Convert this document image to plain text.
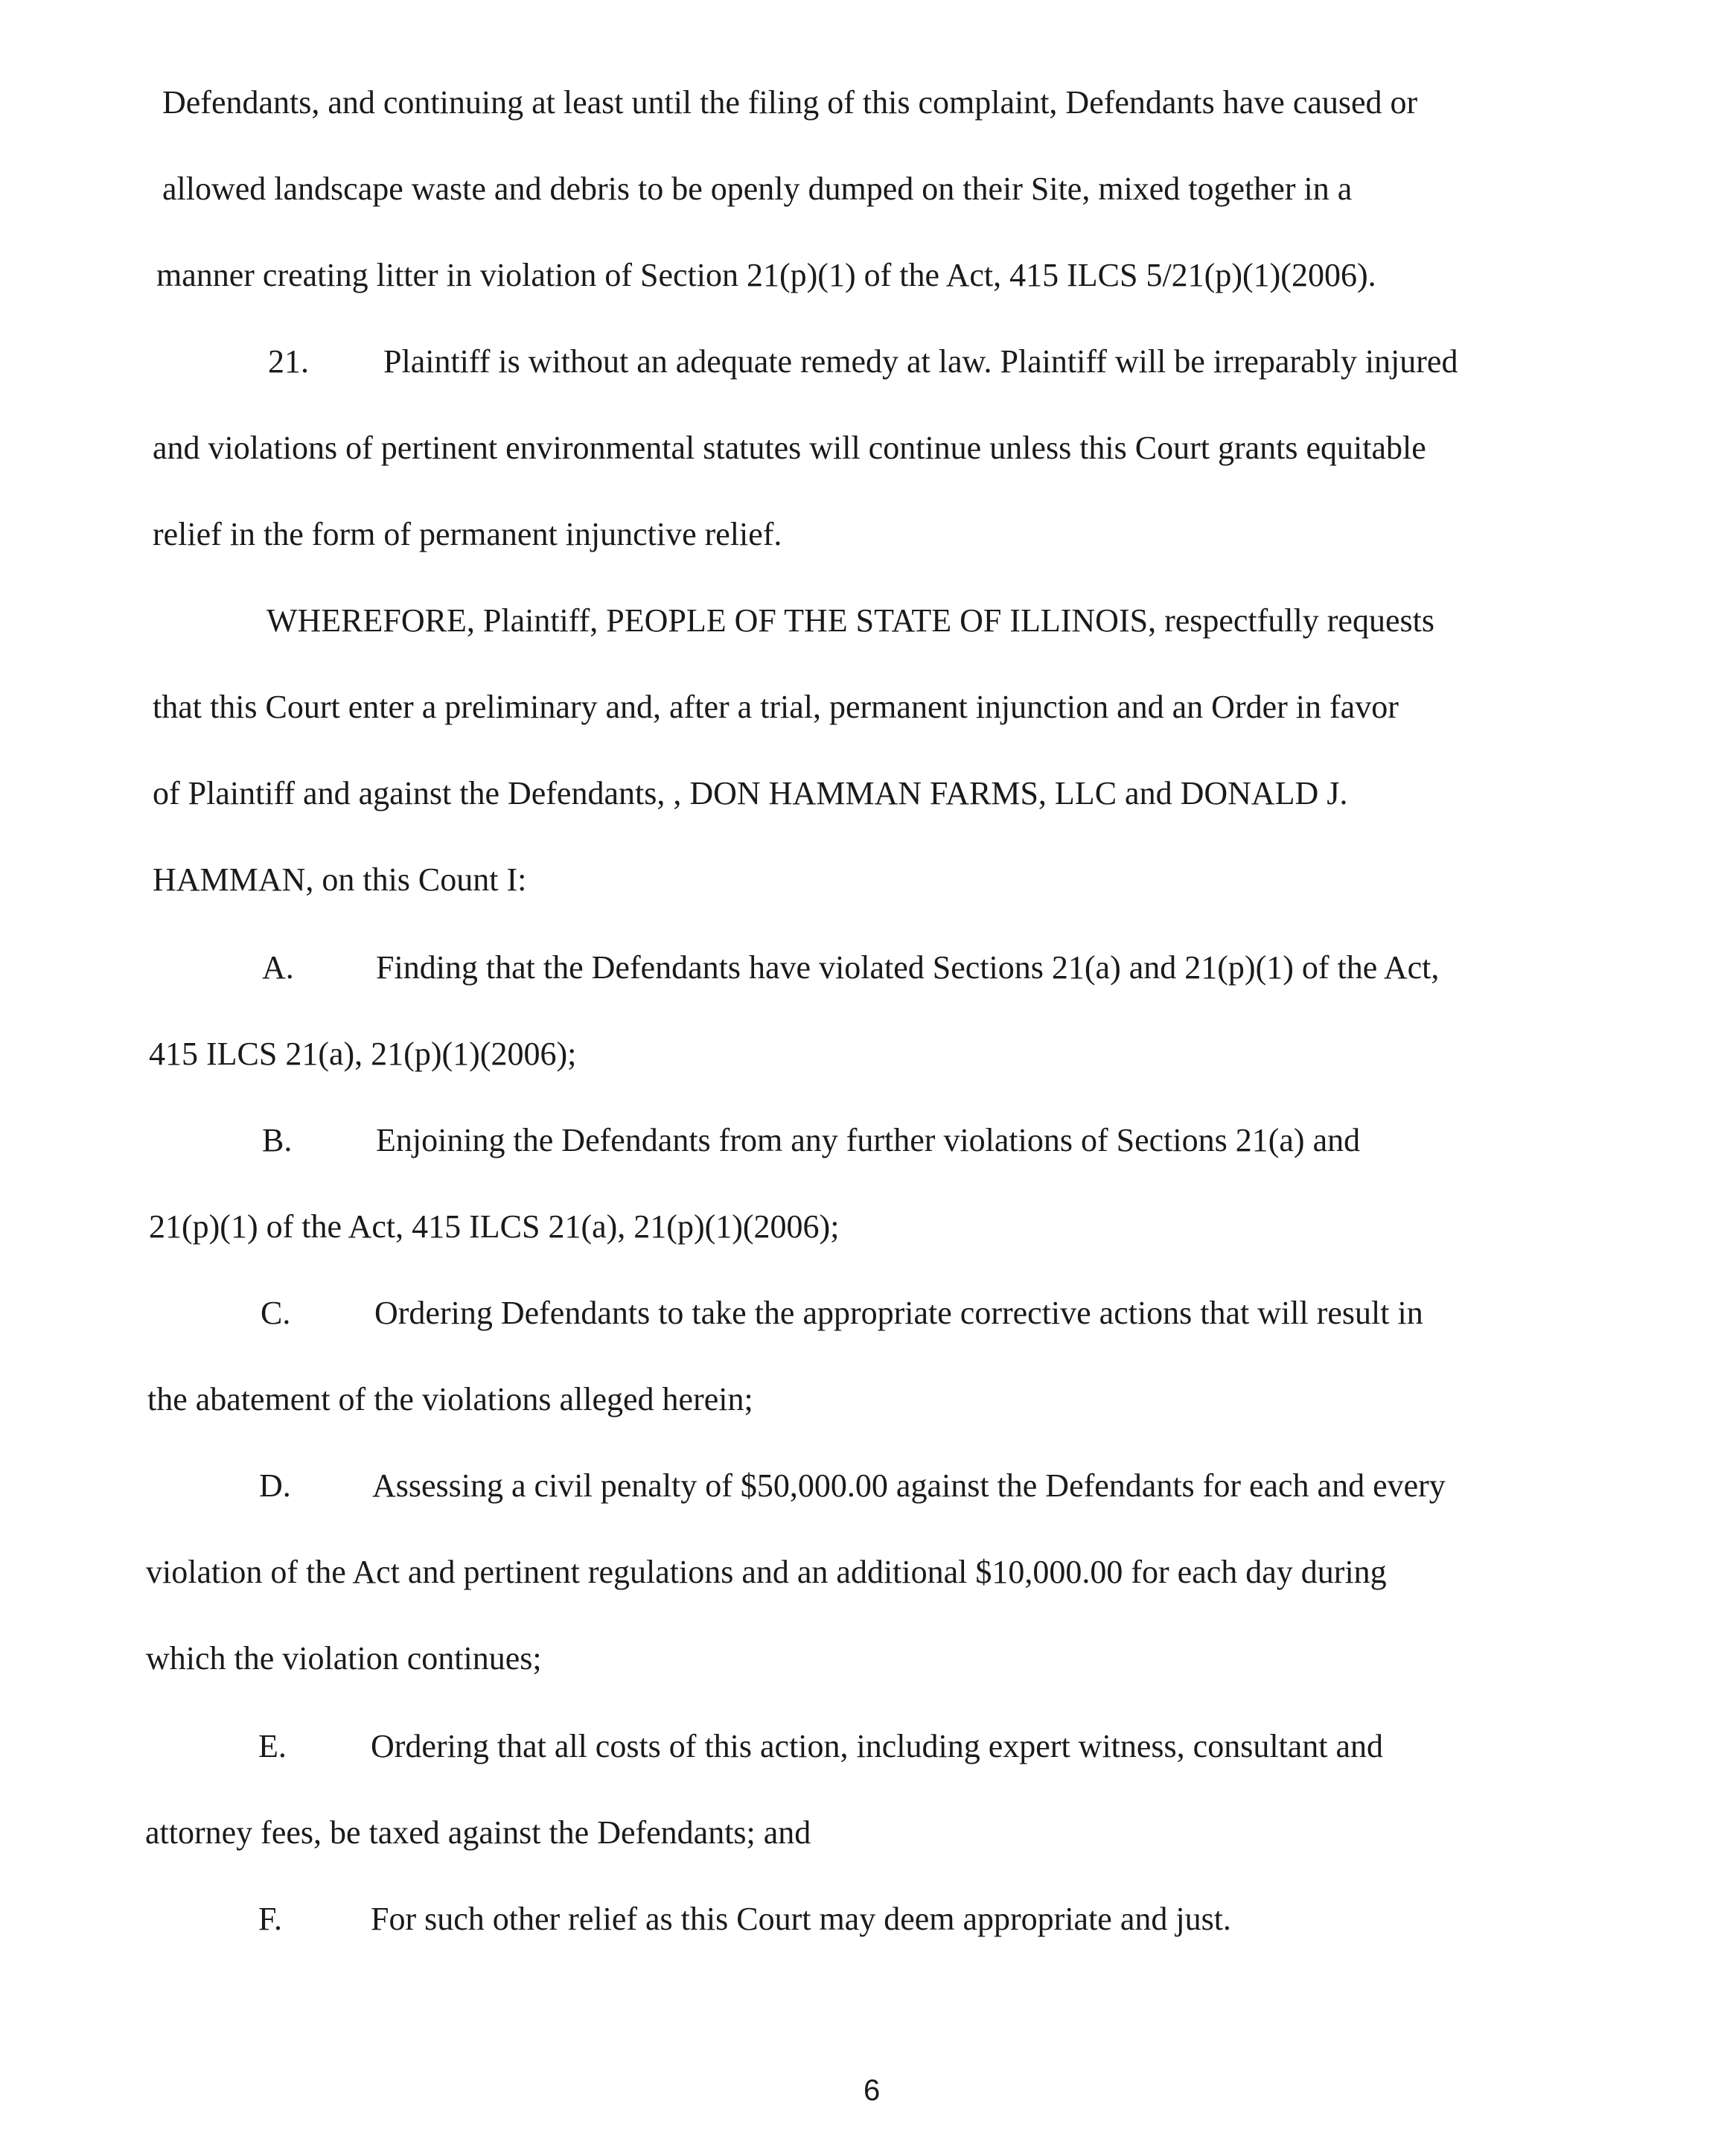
Defendants, and continuing at least until the filing of this complaint, Defendants have caused or
allowed landscape waste and debris to be openly dumped on their Site, mixed together in a
manner creating litter in violation of Section 21(p)(1) of the Act, 415 ILCS 5/21(p)(1)(2006).
21. Plaintiff is without an adequate remedy at law. Plaintiff will be irreparably injured
and violations of pertinent environmental statutes will continue unless this Court grants equitable
relief in the form of permanent injunctive relief.
WHEREFORE, Plaintiff, PEOPLE OF THE STATE OF ILLINOIS, respectfully requests
that this Court enter a preliminary and, after a trial, permanent injunction and an Order in favor
of Plaintiff and against the Defendants, , DON HAMMAN FARMS, LLC and DONALD J.
HAMMAN, on this Count I:
A.	Finding that the Defendants have violated Sections 21(a) and 21(p)(1) of the Act,
415 ILCS 21(a), 21(p)(1)(2006);
B.	Enjoining the Defendants from any further violations of Sections 21(a) and
21(p)(1) of the Act, 415 ILCS 21(a), 21(p)(1)(2006);
C.	Ordering Defendants to take the appropriate corrective actions that will result in
the abatement of the violations alleged herein;
D. Assessing a civil penalty of $50,000.00 against the Defendants for each and every
violation of the Act and pertinent regulations and an additional $10,000.00 for each day during
which the violation continues;
E.	Ordering that all costs of this action, including expert witness, consultant and
attorney fees, be taxed against the Defendants; and
F.	For such other relief as this Court may deem appropriate and just.
6
